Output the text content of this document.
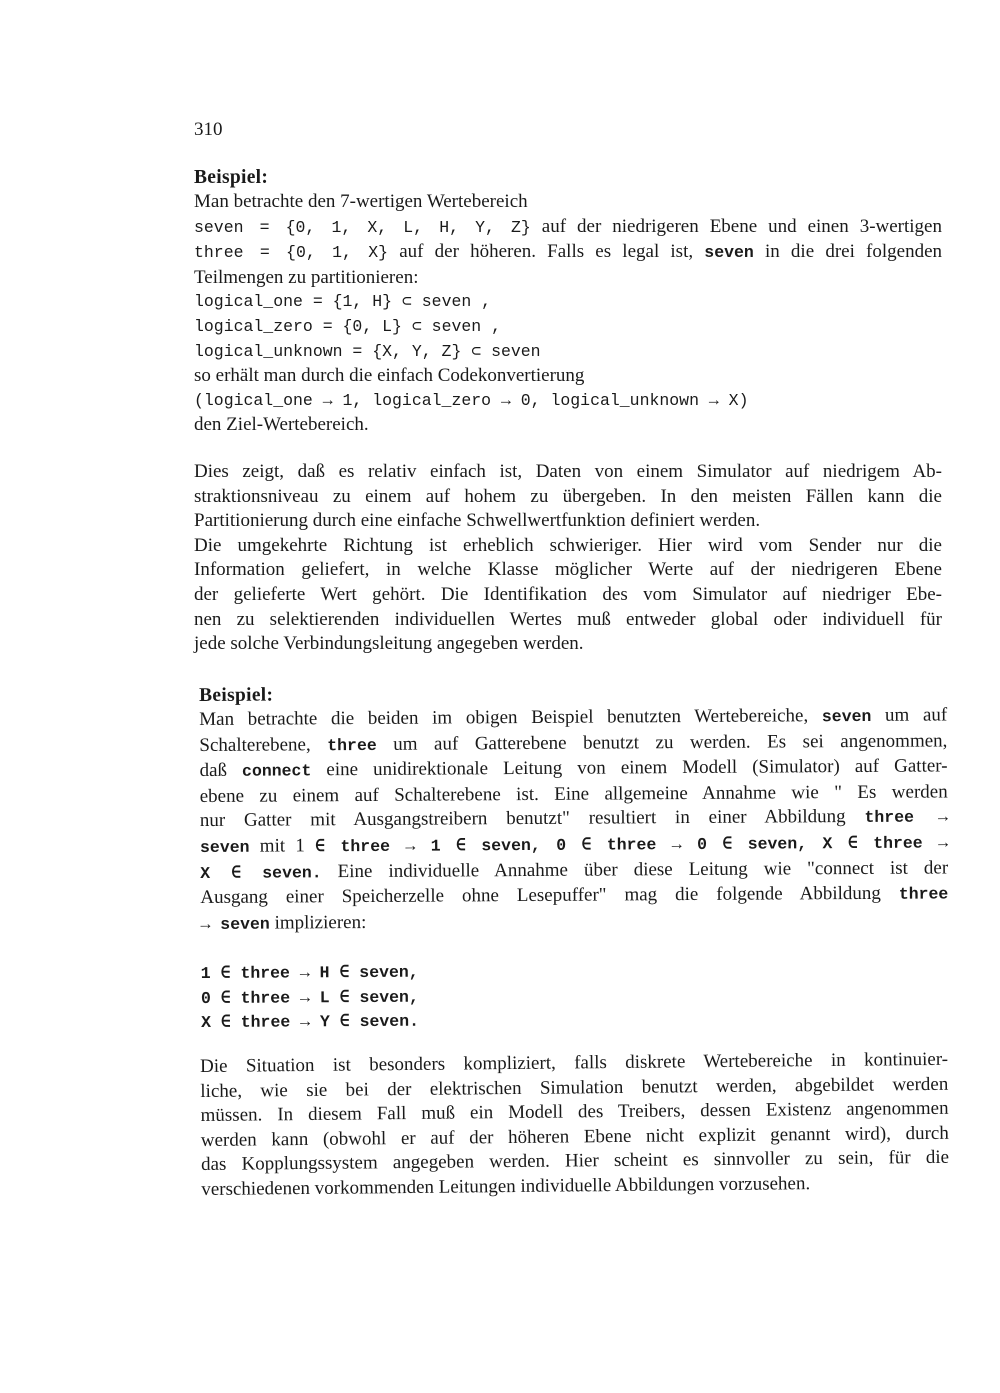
310
Beispiel:
Man betrachte den 7-wertigen Wertebereich
seven = {0, 1, X, L, H, Y, Z} auf der niedrigeren Ebene und einen 3-wertigen
three = {0, 1, X} auf der höheren. Falls es legal ist, seven in die drei folgenden
Teilmengen zu partitionieren:
logical_one = {1, H} ⊂ seven ,
logical_zero = {0, L} ⊂ seven ,
logical_unknown = {X, Y, Z} ⊂ seven
so erhält man durch die einfach Codekonvertierung
(logical_one → 1, logical_zero → 0, logical_unknown → X)
den Ziel-Wertebereich.
Dies zeigt, daß es relativ einfach ist, Daten von einem Simulator auf niedrigem Ab-
straktionsniveau zu einem auf hohem zu übergeben. In den meisten Fällen kann die
Partitionierung durch eine einfache Schwellwertfunktion definiert werden.
Die umgekehrte Richtung ist erheblich schwieriger. Hier wird vom Sender nur die
Information geliefert, in welche Klasse möglicher Werte auf der niedrigeren Ebene
der gelieferte Wert gehört. Die Identifikation des vom Simulator auf niedriger Ebe-
nen zu selektierenden individuellen Wertes muß entweder global oder individuell für
jede solche Verbindungsleitung angegeben werden.
Beispiel:
Man betrachte die beiden im obigen Beispiel benutzten Wertebereiche, seven um auf
Schalterebene, three um auf Gatterebene benutzt zu werden. Es sei angenommen,
daß connect eine unidirektionale Leitung von einem Modell (Simulator) auf Gatter-
ebene zu einem auf Schalterebene ist. Eine allgemeine Annahme wie " Es werden
nur Gatter mit Ausgangstreibern benutzt" resultiert in einer Abbildung three →
seven mit 1 ∈ three → 1 ∈ seven, 0 ∈ three → 0 ∈ seven, X ∈ three →
X ∈ seven. Eine individuelle Annahme über diese Leitung wie "connect ist der
Ausgang einer Speicherzelle ohne Lesepuffer" mag die folgende Abbildung three
→ seven implizieren:
1 ∈ three → H ∈ seven,
0 ∈ three → L ∈ seven,
X ∈ three → Y ∈ seven.
Die Situation ist besonders kompliziert, falls diskrete Wertebereiche in kontinuier-
liche, wie sie bei der elektrischen Simulation benutzt werden, abgebildet werden
müssen. In diesem Fall muß ein Modell des Treibers, dessen Existenz angenommen
werden kann (obwohl er auf der höheren Ebene nicht explizit genannt wird), durch
das Kopplungssystem angegeben werden. Hier scheint es sinnvoller zu sein, für die
verschiedenen vorkommenden Leitungen individuelle Abbildungen vorzusehen.
